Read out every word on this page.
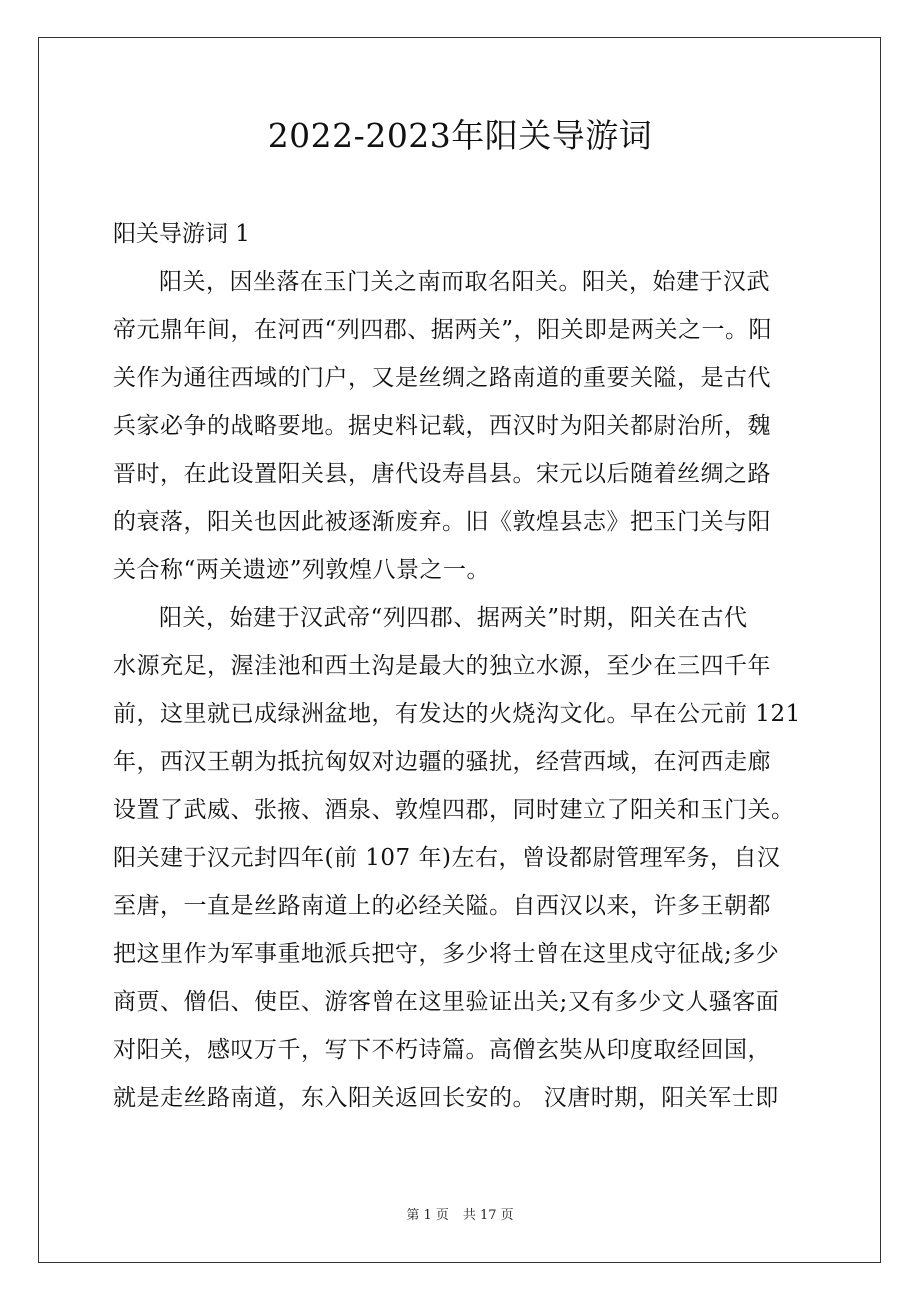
2022-2023年阳关导游词
阳关导游词 1
阳关，因坐落在玉门关之南而取名阳关。阳关，始建于汉武
帝元鼎年间，在河西“列四郡、据两关”，阳关即是两关之一。阳
关作为通往西域的门户，又是丝绸之路南道的重要关隘，是古代
兵家必争的战略要地。据史料记载，西汉时为阳关都尉治所，魏
晋时，在此设置阳关县，唐代设寿昌县。宋元以后随着丝绸之路
的衰落，阳关也因此被逐渐废弃。旧《敦煌县志》把玉门关与阳
关合称“两关遗迹”列敦煌八景之一。
阳关，始建于汉武帝“列四郡、据两关”时期，阳关在古代
水源充足，渥洼池和西土沟是最大的独立水源，至少在三四千年
前，这里就已成绿洲盆地，有发达的火烧沟文化。早在公元前 121
年，西汉王朝为抵抗匈奴对边疆的骚扰，经营西域，在河西走廊
设置了武威、张掖、酒泉、敦煌四郡，同时建立了阳关和玉门关。
阳关建于汉元封四年(前 107 年)左右，曾设都尉管理军务，自汉
至唐，一直是丝路南道上的必经关隘。自西汉以来，许多王朝都
把这里作为军事重地派兵把守，多少将士曾在这里戍守征战;多少
商贾、僧侣、使臣、游客曾在这里验证出关;又有多少文人骚客面
对阳关，感叹万千，写下不朽诗篇。高僧玄奘从印度取经回国，
就是走丝路南道，东入阳关返回长安的。 汉唐时期，阳关军士即
第 1 页 共 17 页
